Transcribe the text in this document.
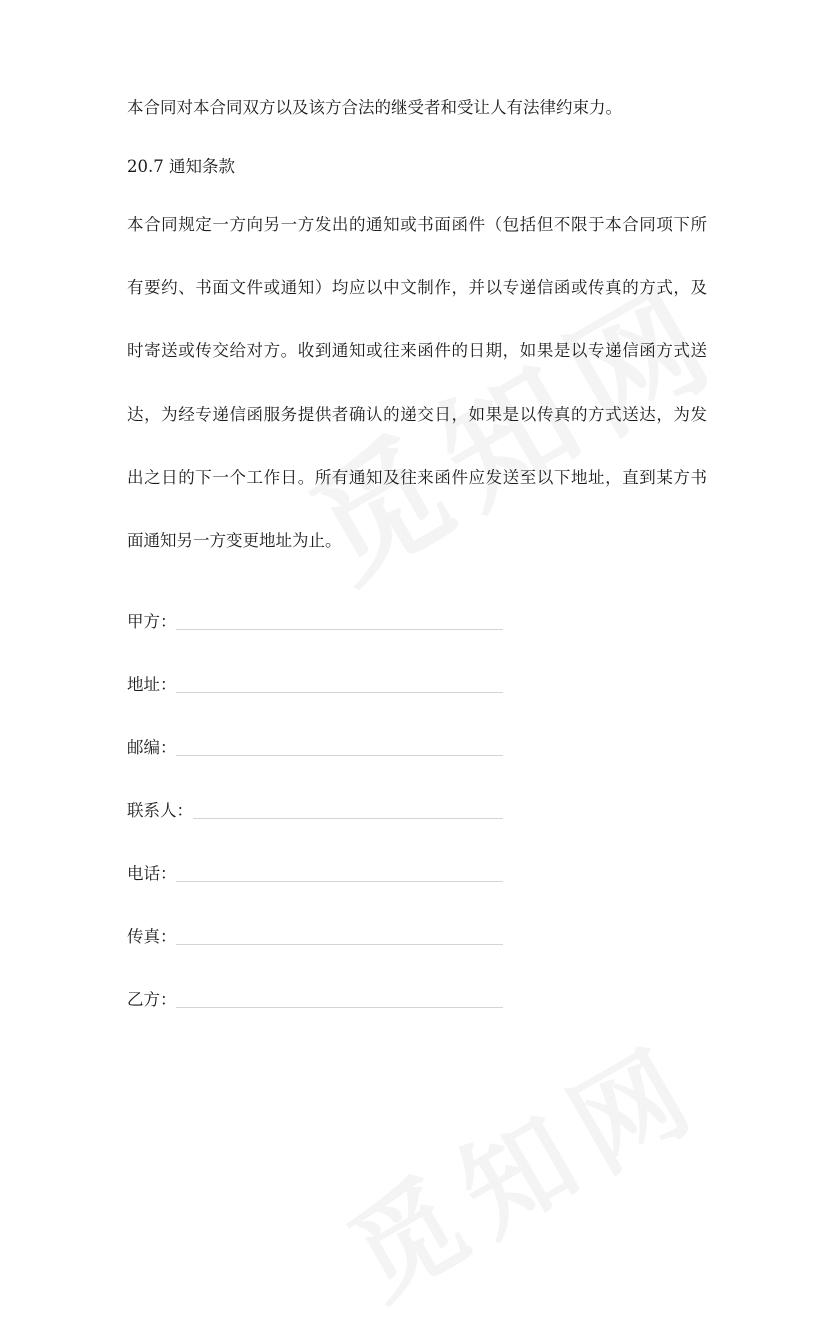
本合同对本合同双方以及该方合法的继受者和受让人有法律约束力。

20.7 通知条款

本合同规定一方向另一方发出的通知或书面函件（包括但不限于本合同项下所
有要约、书面文件或通知）均应以中文制作，并以专递信函或传真的方式，及
时寄送或传交给对方。收到通知或往来函件的日期，如果是以专递信函方式送
达，为经专递信函服务提供者确认的递交日，如果是以传真的方式送达，为发
出之日的下一个工作日。所有通知及往来函件应发送至以下地址，直到某方书
面通知另一方变更地址为止。

甲方：
地址：
邮编：
联系人：
电话：
传真：
乙方：
